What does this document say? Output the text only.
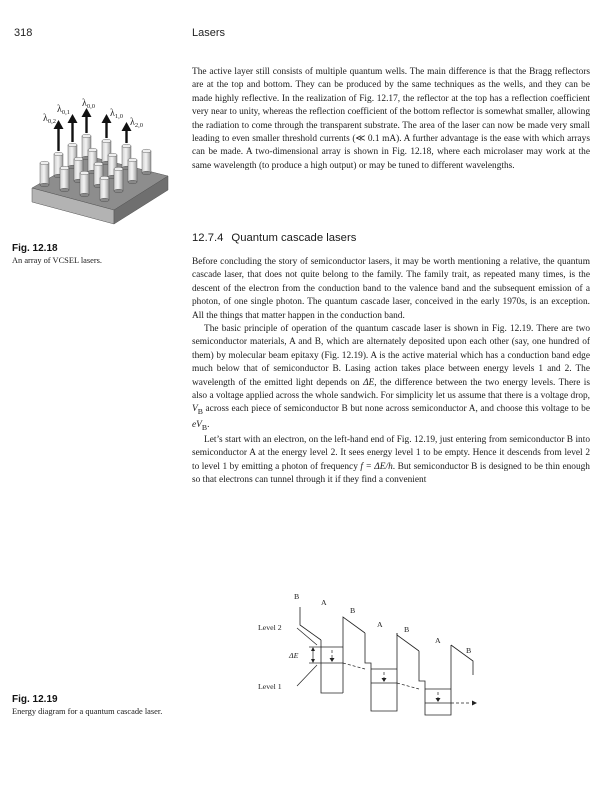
318	Lasers
$\lambda_{0,2}$
$\lambda_{0,1}$
$\lambda_{0,0}$
$\lambda_{1,0}$
$\lambda_{2,0}$

The active layer still consists of multiple quantum wells. The main difference is that the Bragg reflectors are at the top and bottom. They can be produced by the same techniques as the wells, and they can be made highly reflective. In the realization of Fig. 12.17, the reflector at the top has a reflection coefficient very near to unity, whereas the reflection coefficient of the bottom reflector is somewhat smaller, allowing the radiation to come through the transparent substrate. The area of the laser can now be made very small leading to even smaller threshold currents (≪ 0.1 mA). A further advantage is the ease with which arrays can be made. A two-dimensional array is shown in Fig. 12.18, where each microlaser may work at the same wavelength (to produce a high output) or may be tuned to different wavelengths.

12.7.4 Quantum cascade lasers

Before concluding the story of semiconductor lasers, it may be worth mentioning a relative, the quantum cascade laser, that does not quite belong to the family. The family trait, as repeated many times, is the descent of the electron from the conduction band to the valence band and the subsequent emission of a photon, of one single photon. The quantum cascade laser, conceived in the early 1970s, is an exception. All the things that matter happen in the conduction band.

The basic principle of operation of the quantum cascade laser is shown in Fig. 12.19. There are two semiconductor materials, A and B, which are alternately deposited upon each other (say, one hundred of them) by molecular beam epitaxy (Fig. 12.19). A is the active material which has a conduction band edge much below that of semiconductor B. Lasing action takes place between energy levels 1 and 2. The wavelength of the emitted light depends on ΔE, the difference between the two energy levels. There is also a voltage applied across the whole sandwich. For simplicity let us assume that there is a voltage drop, $V_B$ across each piece of semiconductor B but none across semiconductor A, and choose this voltage to be $eV_B$.

Let’s start with an electron, on the left-hand end of Fig. 12.19, just entering from semiconductor B into semiconductor A at the energy level 2. It sees energy level 1 to be empty. Hence it descends from level 2 to level 1 by emitting a photon of frequency f = ΔE/h. But semiconductor B is designed to be thin enough so that electrons can tunnel through it if they find a convenient

Fig. 12.18
An array of VCSEL lasers.
Fig. 12.19
Energy diagram for a quantum cascade laser.
Level 2
Level 1
ΔE
B
A
B
A
B
A
B
